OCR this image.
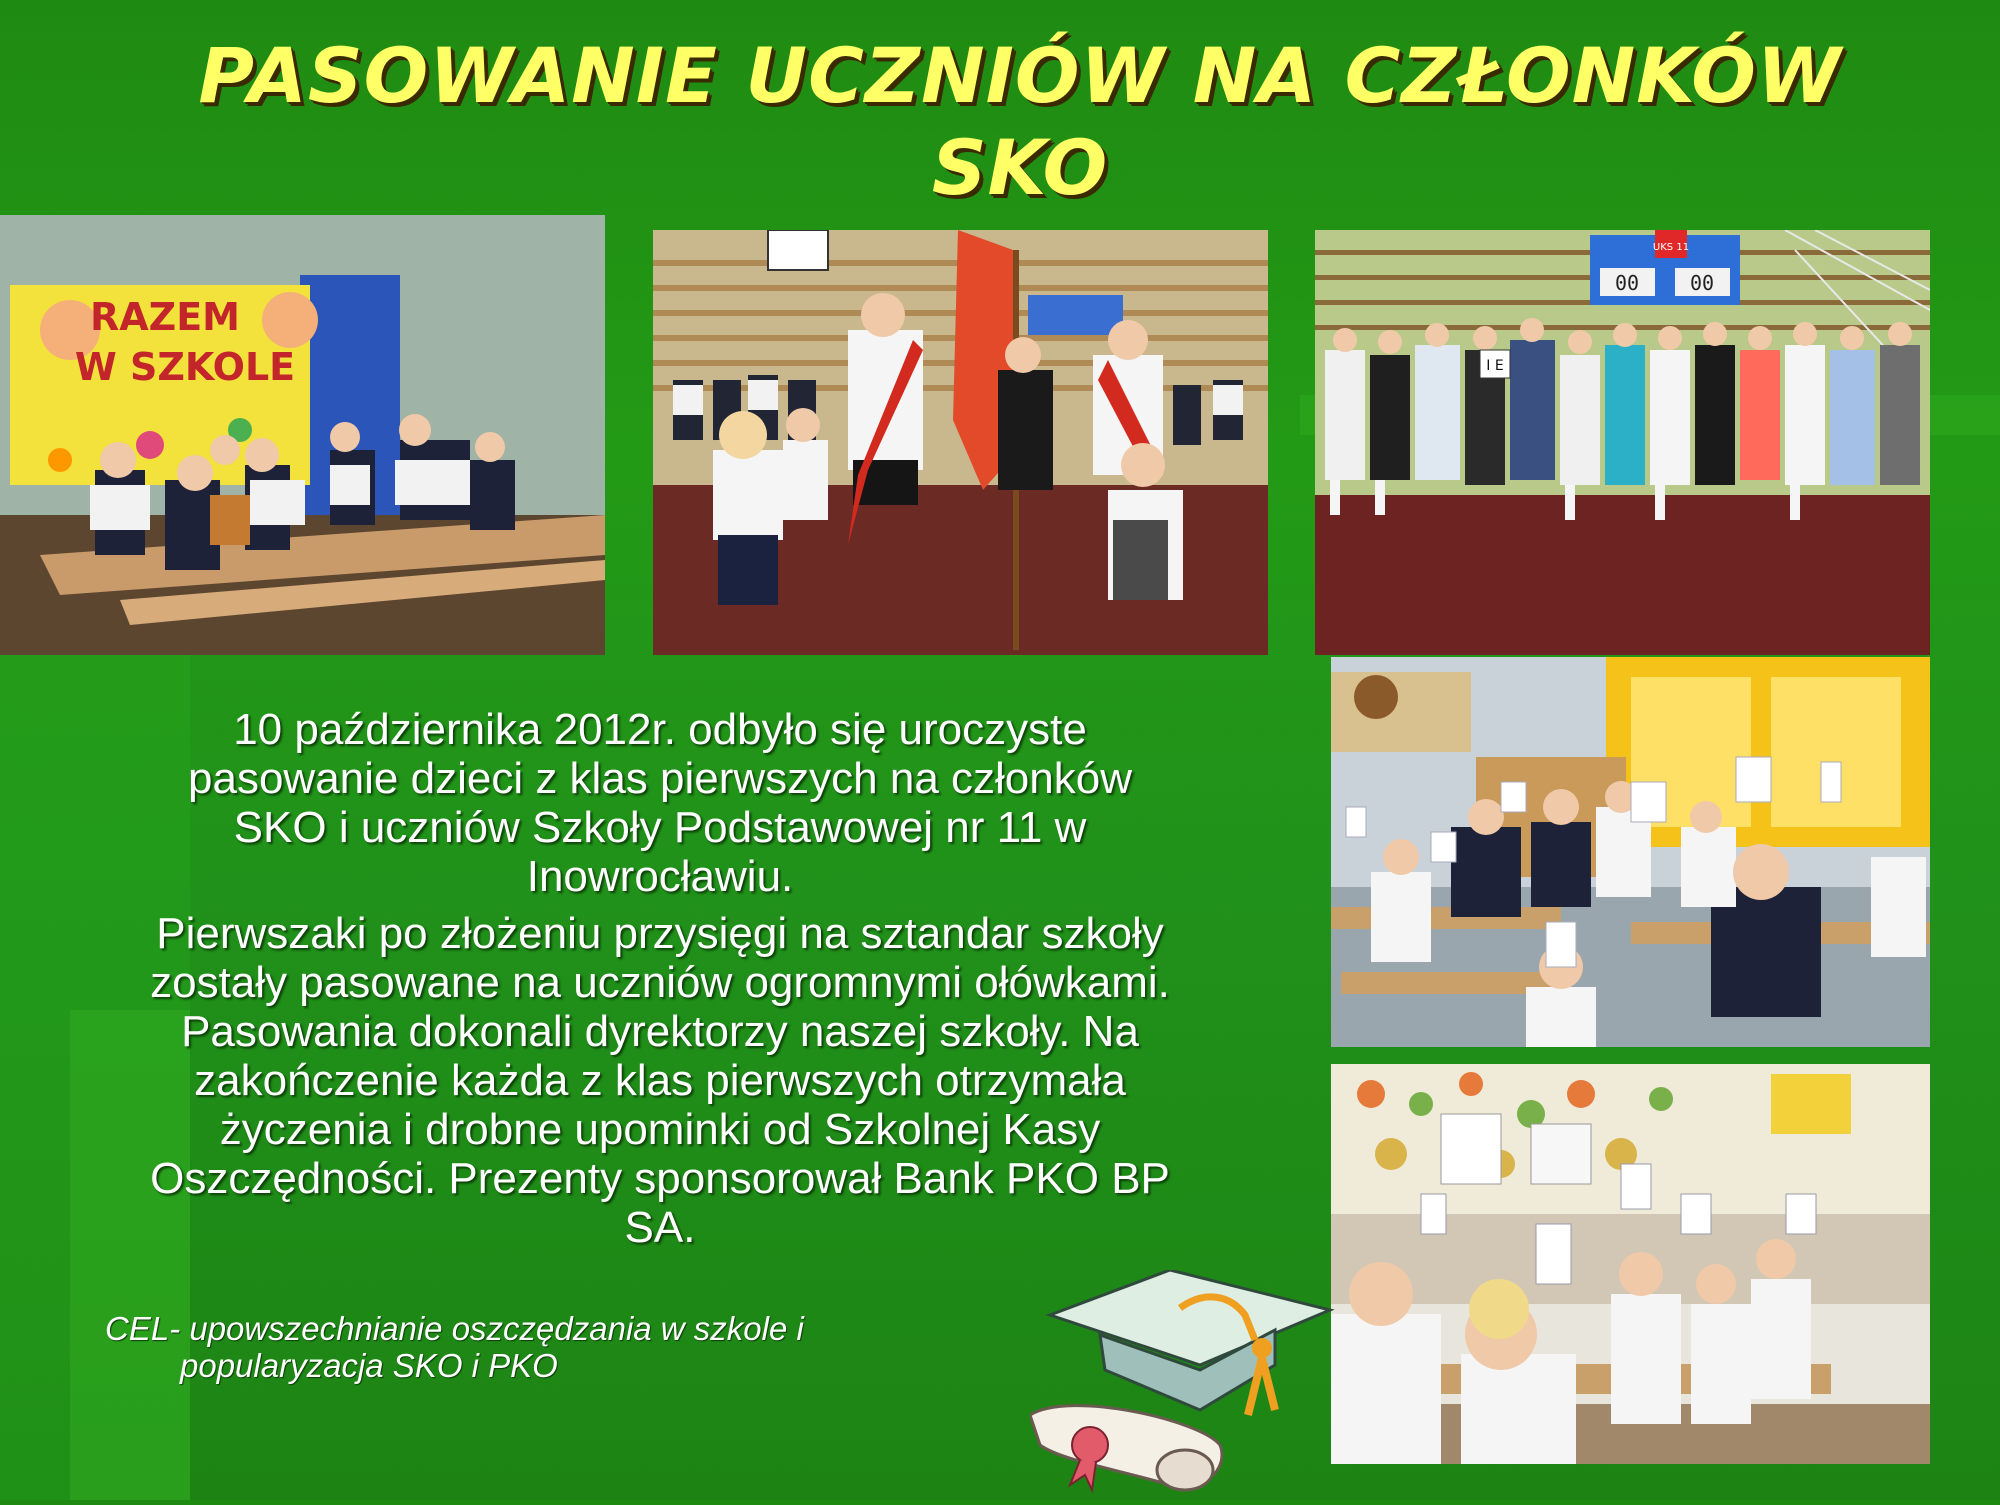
PASOWANIE UCZNIÓW NA CZŁONKÓW
SKO
RAZEM
W SZKOLE
UKS 11
00	00
I E

10 października 2012r. odbyło się uroczyste pasowanie dzieci z klas pierwszych na członków SKO i uczniów Szkoły Podstawowej nr 11 w Inowrocławiu.

Pierwszaki po złożeniu przysięgi na sztandar szkoły zostały pasowane na uczniów ogromnymi ołówkami. Pasowania dokonali dyrektorzy naszej szkoły. Na zakończenie każda z klas pierwszych otrzymała życzenia i drobne upominki od Szkolnej Kasy Oszczędności. Prezenty sponsorował Bank PKO BP SA.

CEL- upowszechnianie oszczędzania w szkole i
popularyzacja SKO i PKO
